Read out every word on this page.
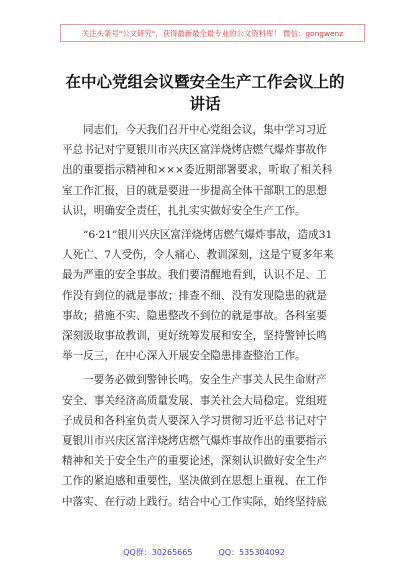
关注头条号"公文研究"，获得最新最全最专业的公文资料库！ 微信：gongwenz
在中心党组会议暨安全生产工作会议上的
讲话

同志们，今天我们召开中心党组会议，集中学习习近
平总书记对宁夏银川市兴庆区富洋烧烤店燃气爆炸事故作
出的重要指示精神和×××委近期部署要求，听取了相关科
室工作汇报，目的就是要进一步提高全体干部职工的思想
认识，明确安全责任，扎扎实实做好安全生产工作。

“6·21”银川兴庆区富洋烧烤店燃气爆炸事故，造成31
人死亡、7人受伤，令人痛心、教训深刻，这是宁夏多年来
最为严重的安全事故。我们要清醒地看到，认识不足、工
作没有到位的就是事故；排查不细、没有发现隐患的就是
事故；措施不实、隐患整改不到位的就是事故。各科室要
深刻汲取事故教训，更好统筹发展和安全，坚持警钟长鸣
举一反三，在中心深入开展安全隐患排查整治工作。

一要务必做到警钟长鸣。安全生产事关人民生命财产
安全、事关经济高质量发展、事关社会大局稳定。党组班
子成员和各科室负责人要深入学习贯彻习近平总书记对宁
夏银川市兴庆区富洋烧烤店燃气爆炸事故作出的重要指示
精神和关于安全生产的重要论述，深刻认识做好安全生产
工作的紧迫感和重要性，坚决做到在思想上重视、在工作
中落实、在行动上践行。结合中心工作实际，始终坚持底

QQ群：30265665	QQ：535304092
